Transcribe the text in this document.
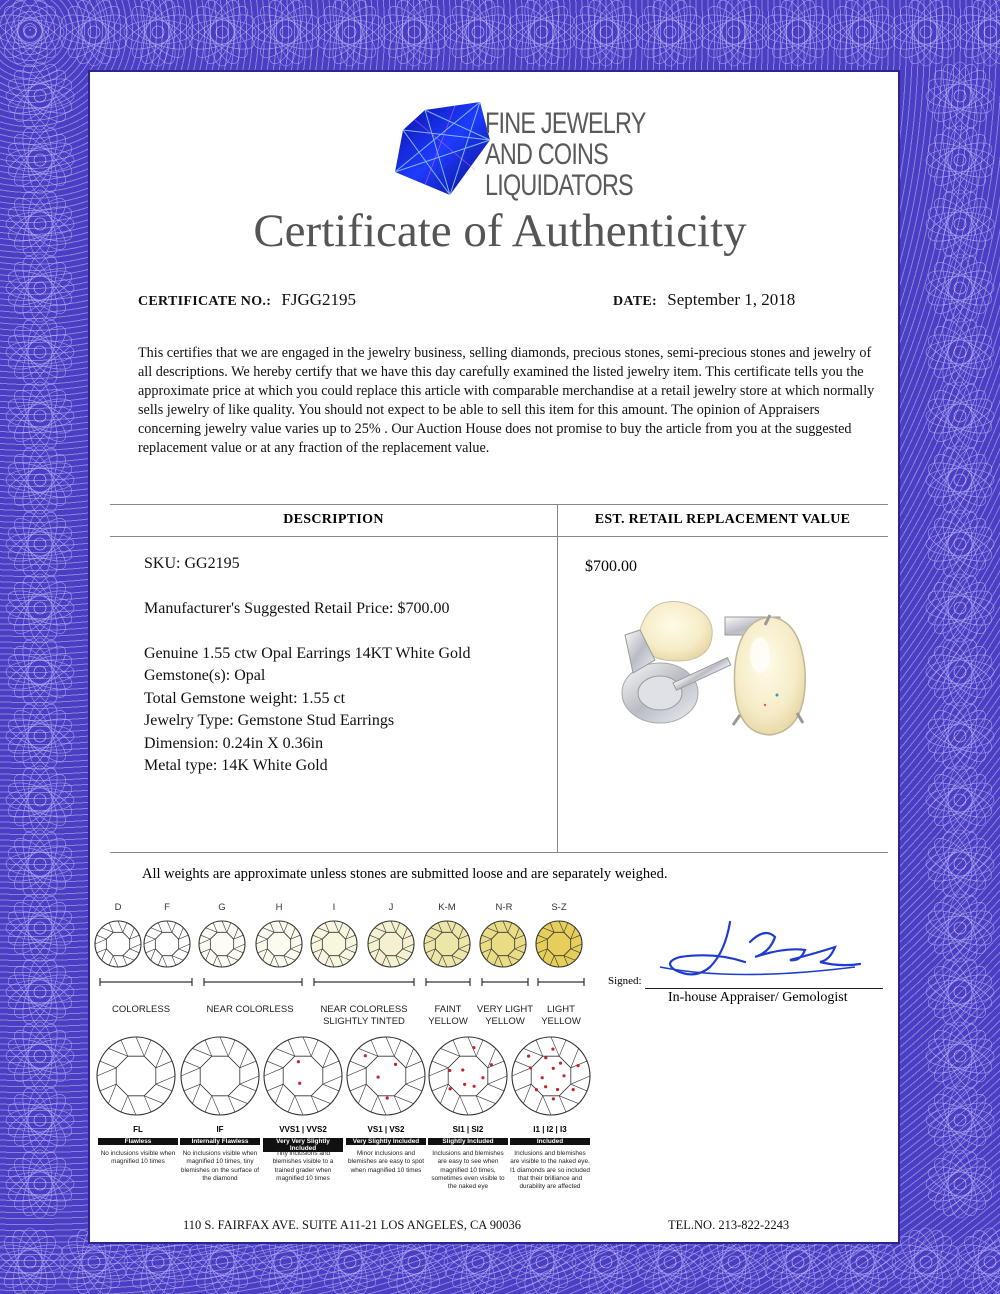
FINE JEWELRY
AND COINS
LIQUIDATORS
Certificate of Authenticity
CERTIFICATE NO.: FJGG2195	DATE: September 1, 2018
This certifies that we are engaged in the jewelry business, selling diamonds, precious stones, semi-precious stones and jewelry of all descriptions. We hereby certify that we have this day carefully examined the listed jewelry item. This certificate tells you the approximate price at which you could replace this article with comparable merchandise at a retail jewelry store at which normally sells jewelry of like quality. You should not expect to be able to sell this item for this amount. The opinion of Appraisers concerning jewelry value varies up to 25% . Our Auction House does not promise to buy the article from you at the suggested replacement value or at any fraction of the replacement value.
DESCRIPTION	EST. RETAIL REPLACEMENT VALUE
SKU: GG2195
Manufacturer's Suggested Retail Price: $700.00
Genuine 1.55 ctw Opal Earrings 14KT White Gold
Gemstone(s): Opal
Total Gemstone weight: 1.55 ct
Jewelry Type: Gemstone Stud Earrings
Dimension: 0.24in X 0.36in
Metal type: 14K White Gold
$700.00
All weights are approximate unless stones are submitted loose and are separately weighed.
D	F	G	H	I	J	K-M	N-R	S-Z
COLORLESS	NEAR COLORLESS	NEAR COLORLESS
SLIGHTLY TINTED
FAINT
YELLOW
VERY LIGHT
YELLOW
LIGHT
YELLOW
FL
Flawless
No inclusions visible when magnified 10 times
IF
Internally Flawless
No inclusions visible when magnified 10 times, tiny blemishes on the surface of the diamond
VVS1 | VVS2
Very Very Slightly Included
Tiny inclusions and blemishes visible to a trained grader when magnified 10 times
VS1 | VS2
Very Slightly Included
Minor inclusions and blemishes are easy to spot when magnified 10 times
SI1 | SI2
Slightly Included
Inclusions and blemishes are easy to see when magnified 10 times, sometimes even visible to the naked eye
I1 | I2 | I3
Included
Inclusions and blemishes are visible to the naked eye. I1 diamonds are so included that their brilliance and durability are affected
Signed:
In-house Appraiser/ Gemologist
110 S. FAIRFAX AVE. SUITE A11-21 LOS ANGELES, CA 90036	TEL.NO. 213-822-2243
